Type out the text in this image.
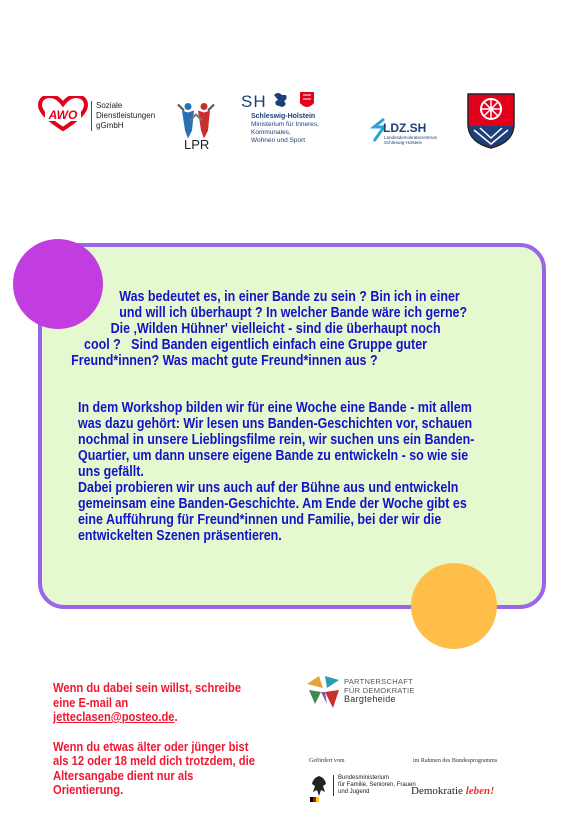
AWO
Soziale
Dienstleistungen
gGmbH
LPR
SH
Schleswig-Holstein
Ministerium für Inneres,
Kommunales,
Wohnen und Sport
LDZ.SH
Landesdemokratiezentrum
Schleswig-Holstein
Was bedeutet es, in einer Bande zu sein ? Bin ich in einer
und will ich überhaupt ? In welcher Bande wäre ich gerne?
Die ‚Wilden Hühner' vielleicht - sind die überhaupt noch
cool ?   Sind Banden eigentlich einfach eine Gruppe guter
Freund*innen? Was macht gute Freund*innen aus ?
In dem Workshop bilden wir für eine Woche eine Bande - mit allem
was dazu gehört: Wir lesen uns Banden-Geschichten vor, schauen
nochmal in unsere Lieblingsfilme rein, wir suchen uns ein Banden-
Quartier, um dann unsere eigene Bande zu entwickeln - so wie sie
uns gefällt.
Dabei probieren wir uns auch auf der Bühne aus und entwickeln
gemeinsam eine Banden-Geschichte. Am Ende der Woche gibt es
eine Aufführung für Freund*innen und Familie, bei der wir die
entwickelten Szenen präsentieren.
Wenn du dabei sein willst, schreibe
eine E-mail an
jetteclasen@posteo.de.
Wenn du etwas älter oder jünger bist
als 12 oder 18 meld dich trotzdem, die
Altersangabe dient nur als
Orientierung.
PARTNERSCHAFT
FÜR DEMOKRATIE
Bargteheide
Gefördert vom	im Rahmen des Bundesprogramms
Bundesministerium
für Familie, Senioren, Frauen
und Jugend	Demokratie leben!
